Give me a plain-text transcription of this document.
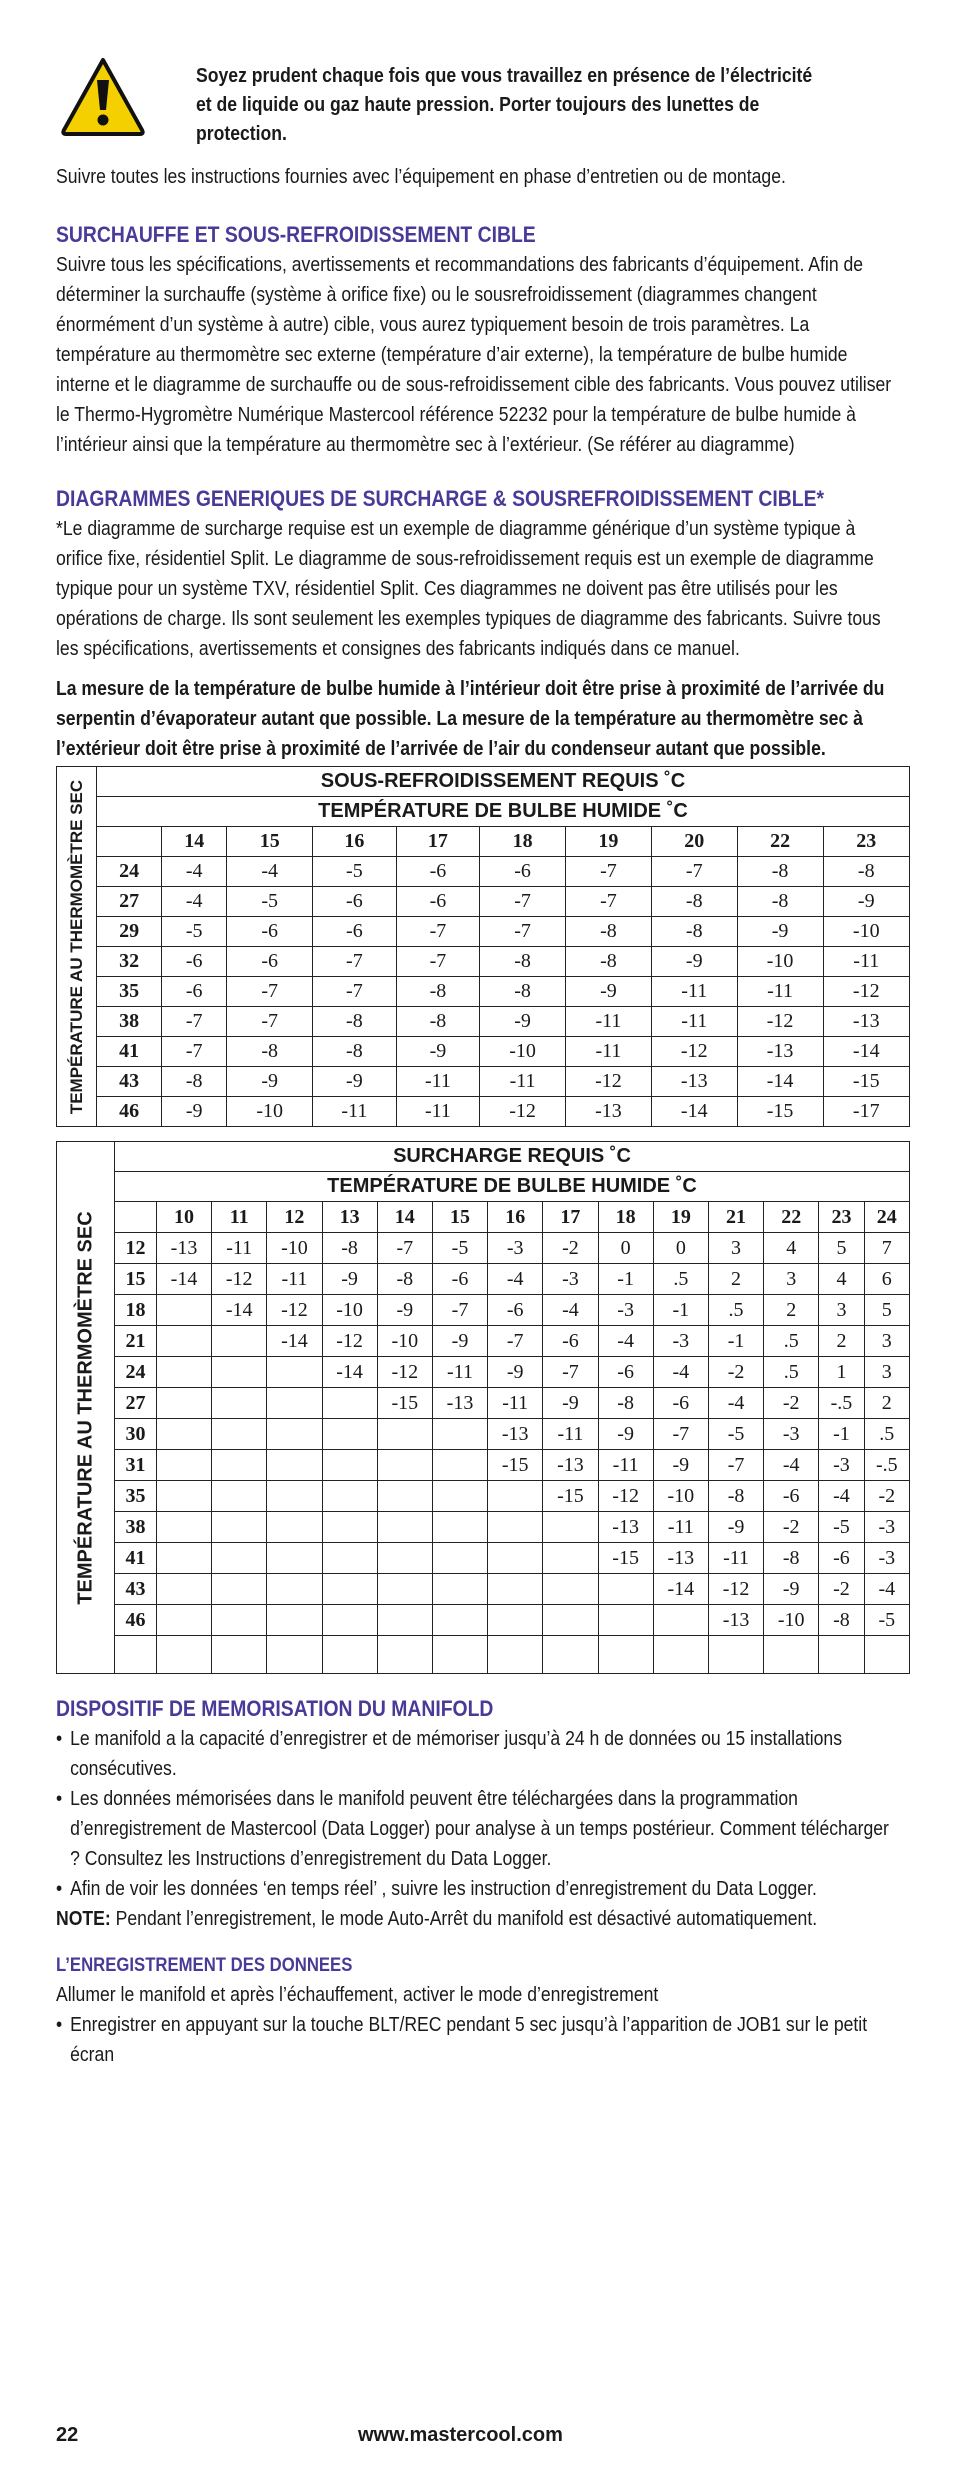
Soyez prudent chaque fois que vous travaillez en présence de l’électricité et de liquide ou gaz haute pression. Porter toujours des lunettes de protection.

Suivre toutes les instructions fournies avec l’équipement en phase d’entretien ou de montage.

SURCHAUFFE ET SOUS-REFROIDISSEMENT CIBLE

Suivre tous les spécifications, avertissements et recommandations des fabricants d’équipement. Afin de déterminer la surchauffe (système à orifice fixe) ou le sousrefroidissement (diagrammes changent énormément d’un système à autre) cible, vous aurez typiquement besoin de trois paramètres. La température au thermomètre sec externe (température d’air externe), la température de bulbe humide interne et le diagramme de surchauffe ou de sous-refroidissement cible des fabricants. Vous pouvez utiliser le Thermo-Hygromètre Numérique Mastercool référence 52232 pour la température de bulbe humide à l’intérieur ainsi que la température au thermomètre sec à l’extérieur. (Se référer au diagramme)

DIAGRAMMES GENERIQUES DE SURCHARGE & SOUSREFROIDISSEMENT CIBLE*

*Le diagramme de surcharge requise est un exemple de diagramme générique d’un système typique à orifice fixe, résidentiel Split. Le diagramme de sous-refroidissement requis est un exemple de diagramme typique pour un système TXV, résidentiel Split. Ces diagrammes ne doivent pas être utilisés pour les opérations de charge. Ils sont seulement les exemples typiques de diagramme des fabricants. Suivre tous les spécifications, avertissements et consignes des fabricants indiqués dans ce manuel.

La mesure de la température de bulbe humide à l’intérieur doit être prise à proximité de l’arrivée du serpentin d’évaporateur autant que possible. La mesure de la température au thermomètre sec à l’extérieur doit être prise à proximité de l’arrivée de l’air du condenseur autant que possible.

TEMPÉRATURE AU THERMOMÈTRE SEC	SOUS-REFROIDISSEMENT REQUIS ˚C									
	TEMPÉRATURE DE BULBE HUMIDE ˚C									
		14	15	16	17	18	19	20	22	23
	24	-4	-4	-5	-6	-6	-7	-7	-8	-8
	27	-4	-5	-6	-6	-7	-7	-8	-8	-9
	29	-5	-6	-6	-7	-7	-8	-8	-9	-10
	32	-6	-6	-7	-7	-8	-8	-9	-10	-11
	35	-6	-7	-7	-8	-8	-9	-11	-11	-12
	38	-7	-7	-8	-8	-9	-11	-11	-12	-13
	41	-7	-8	-8	-9	-10	-11	-12	-13	-14
	43	-8	-9	-9	-11	-11	-12	-13	-14	-15
	46	-9	-10	-11	-11	-12	-13	-14	-15	-17
TEMPÉRATURE AU THERMOMÈTRE SEC	SURCHARGE REQUIS ˚C														
	TEMPÉRATURE DE BULBE HUMIDE ˚C														
		10	11	12	13	14	15	16	17	18	19	21	22	23	24
	12	-13	-11	-10	-8	-7	-5	-3	-2	0	0	3	4	5	7
	15	-14	-12	-11	-9	-8	-6	-4	-3	-1	.5	2	3	4	6
	18		-14	-12	-10	-9	-7	-6	-4	-3	-1	.5	2	3	5
	21			-14	-12	-10	-9	-7	-6	-4	-3	-1	.5	2	3
	24				-14	-12	-11	-9	-7	-6	-4	-2	.5	1	3
	27					-15	-13	-11	-9	-8	-6	-4	-2	-.5	2
	30							-13	-11	-9	-7	-5	-3	-1	.5
	31							-15	-13	-11	-9	-7	-4	-3	-.5
	35								-15	-12	-10	-8	-6	-4	-2
	38									-13	-11	-9	-2	-5	-3
	41									-15	-13	-11	-8	-6	-3
	43										-14	-12	-9	-2	-4
	46											-13	-10	-8	-5

DISPOSITIF DE MEMORISATION DU MANIFOLD
• Le manifold a la capacité d’enregistrer et de mémoriser jusqu’à 24 h de données ou 15 installations consécutives.
• Les données mémorisées dans le manifold peuvent être téléchargées dans la programmation d’enregistrement de Mastercool (Data Logger) pour analyse à un temps postérieur. Comment télécharger ? Consultez les Instructions d’enregistrement du Data Logger.
• Afin de voir les données ‘en temps réel’ , suivre les instruction d’enregistrement du Data Logger.

NOTE: Pendant l’enregistrement, le mode Auto-Arrêt du manifold est désactivé automatiquement.

L’ENREGISTREMENT DES DONNEES

Allumer le manifold et après l’échauffement, activer le mode d’enregistrement

• Enregistrer en appuyant sur la touche BLT/REC pendant 5 sec jusqu’à l’apparition de JOB1 sur le petit écran
22	www.mastercool.com
